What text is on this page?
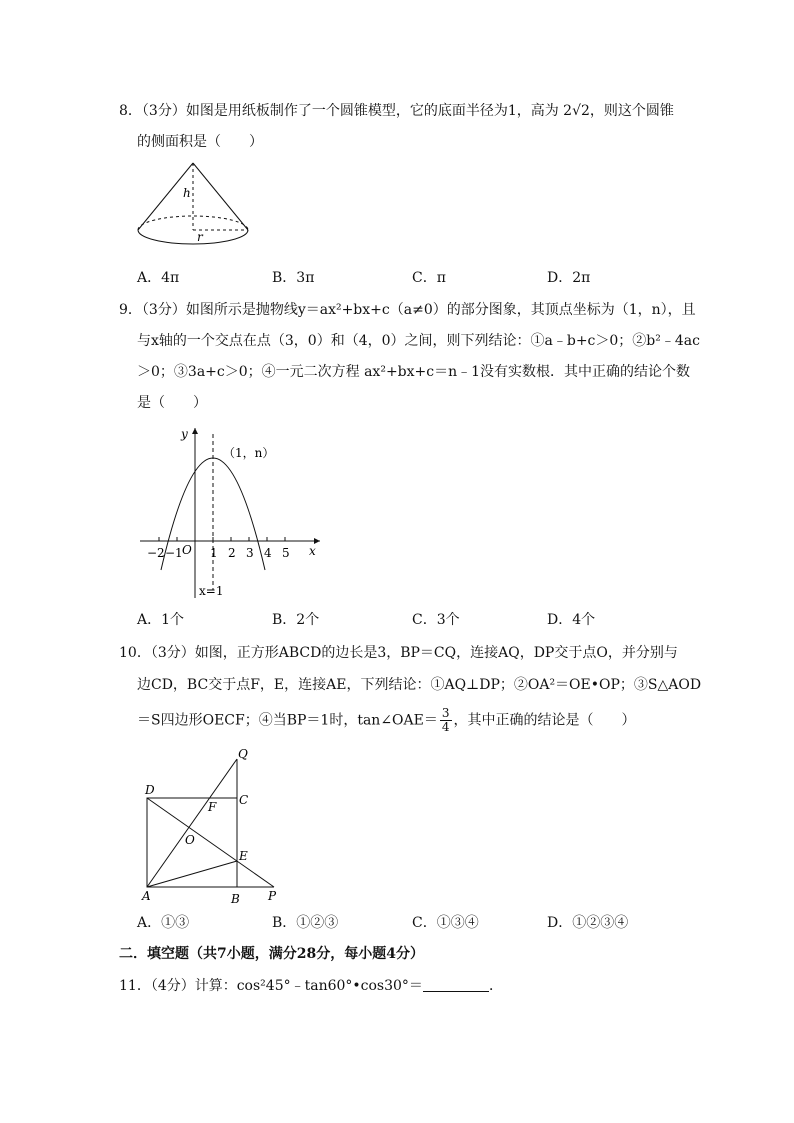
8．（3分）如图是用纸板制作了一个圆锥模型，它的底面半径为1，高为 2√2，则这个圆锥
的侧面积是（　　）
h
r
A．4π	B．3π	C．π	D．2π
9．（3分）如图所示是抛物线y＝ax²+bx+c（a≠0）的部分图象，其顶点坐标为（1，n），且
与x轴的一个交点在点（3，0）和（4，0）之间，则下列结论：①a﹣b+c＞0；②b²﹣4ac
＞0；③3a+c＞0；④一元二次方程 ax²+bx+c＝n﹣1没有实数根．其中正确的结论个数
是（　　）
y
x
O
（1，n）
x=1
−2 −1 1 2 3 4 5
A．1个	B．2个	C．3个	D．4个
10．（3分）如图，正方形ABCD的边长是3，BP＝CQ，连接AQ，DP交于点O，并分别与
边CD，BC交于点F，E，连接AE，下列结论：①AQ⊥DP；②OA²＝OE•OP；③S△AOD
＝S四边形OECF；④当BP＝1时，tan∠OAE＝ $\frac{3}{4}$ ，其中正确的结论是（　　）
Q
D
C
F
O
E
A	B P
A．①③	B．①②③	C．①③④	D．①②③④
二．填空题（共7小题，满分28分，每小题4分）
11．（4分）计算：cos²45°﹣tan60°•cos30°＝	．
